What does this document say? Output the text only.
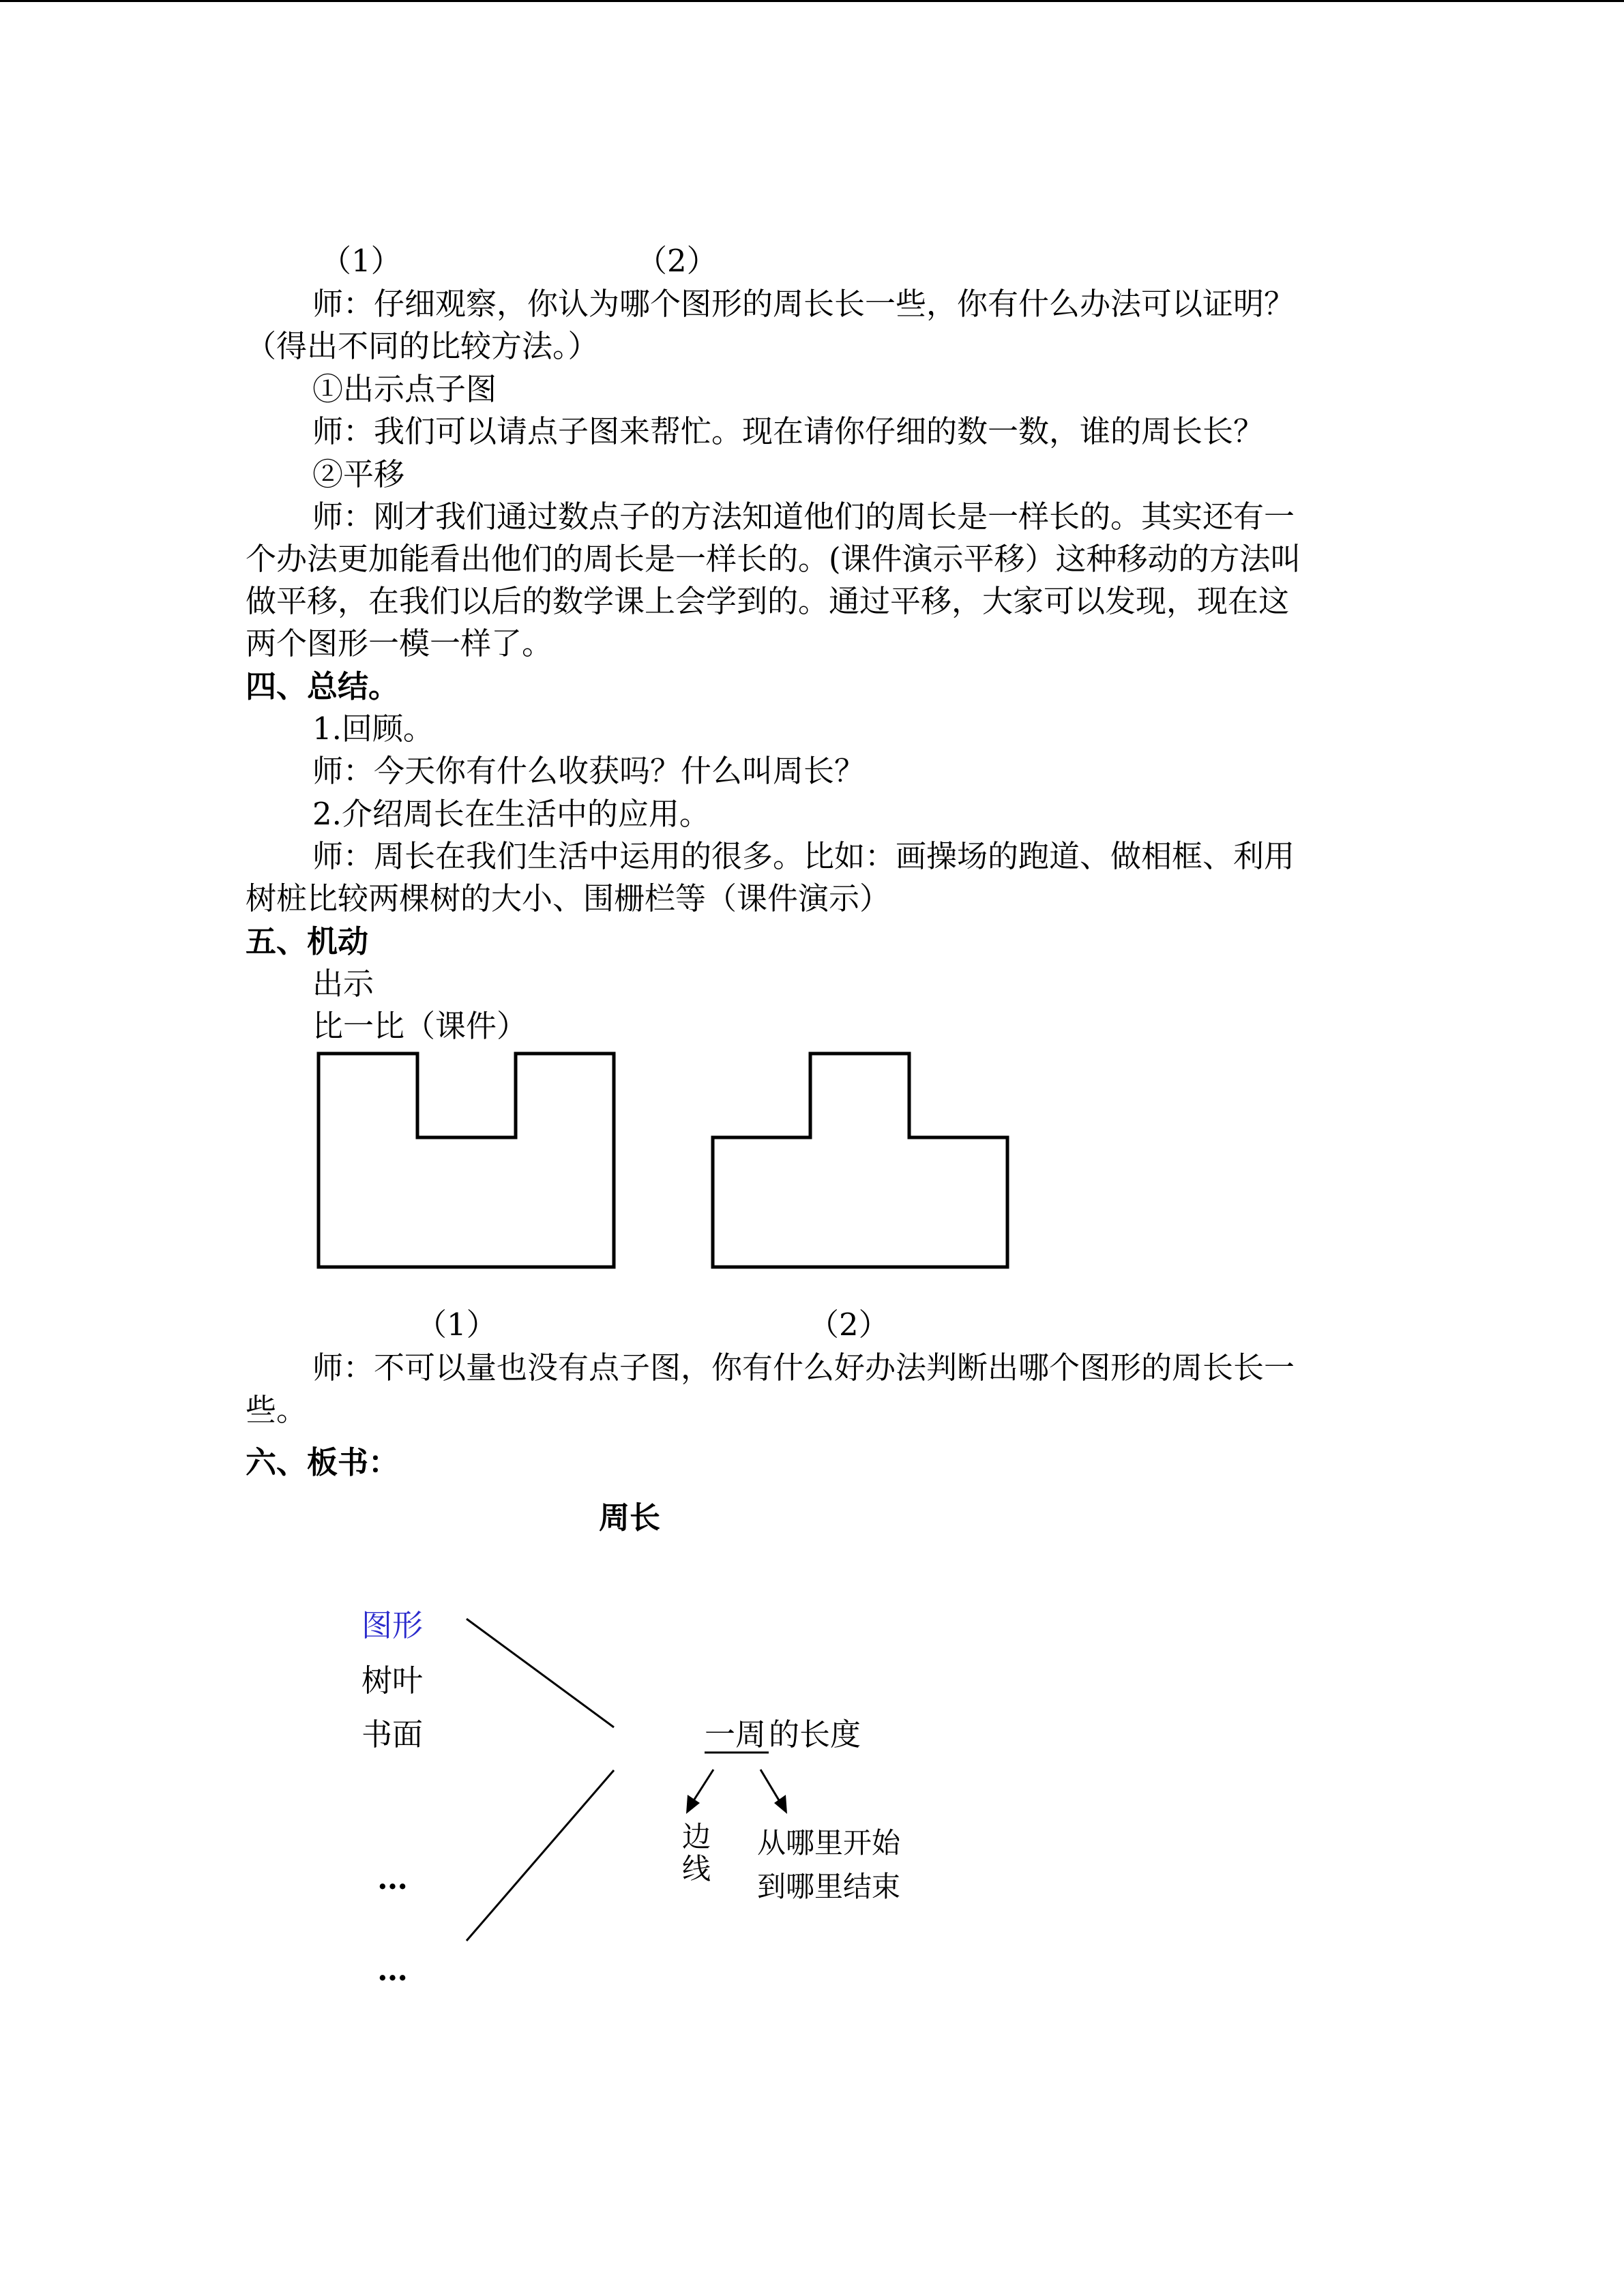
（1）	（2）
师：仔细观察，你认为哪个图形的周长长一些，你有什么办法可以证明？
（得出不同的比较方法。）
①出示点子图
师：我们可以请点子图来帮忙。现在请你仔细的数一数，谁的周长长？
②平移
师：刚才我们通过数点子的方法知道他们的周长是一样长的。其实还有一
个办法更加能看出他们的周长是一样长的。(课件演示平移）这种移动的方法叫
做平移，在我们以后的数学课上会学到的。通过平移，大家可以发现，现在这
两个图形一模一样了。
四、总结。
1.回顾。
师：今天你有什么收获吗？什么叫周长？
2.介绍周长在生活中的应用。
师：周长在我们生活中运用的很多。比如：画操场的跑道、做相框、利用
树桩比较两棵树的大小、围栅栏等（课件演示）
五、机动
出示
比一比（课件）
（1）	（2）
师：不可以量也没有点子图，你有什么好办法判断出哪个图形的周长长一
些。
六、板书：
周长
图形
树叶
书面
…
…
一周 的长度
边
线
从哪里开始
到哪里结束
